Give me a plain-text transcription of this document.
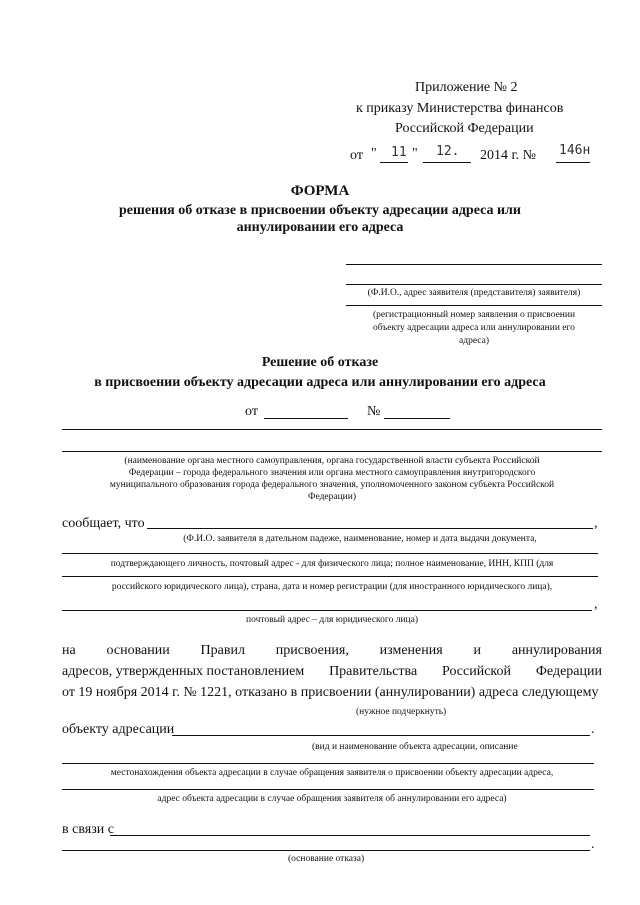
Приложение № 2
к приказу Министерства финансов
Российской Федерации
от " 11 " 12. 2014 г. № 146н
ФОРМА
решения об отказе в присвоении объекту адресации адреса или
аннулировании его адреса
(Ф.И.О., адрес заявителя (представителя) заявителя)
(регистрационный номер заявления о присвоении
объекту адресации адреса или аннулировании его
адреса)
Решение об отказе
в присвоении объекту адресации адреса или аннулировании его адреса
от	№
(наименование органа местного самоуправления, органа государственной власти субъекта Российской
Федерации – города федерального значения или органа местного самоуправления внутригородского
муниципального образования города федерального значения, уполномоченного законом субъекта Российской
Федерации)
сообщает, что	,
(Ф.И.О. заявителя в дательном падеже, наименование, номер и дата выдачи документа,
подтверждающего личность, почтовый адрес - для физического лица; полное наименование, ИНН, КПП (для
российского юридического лица), страна, дата и номер регистрации (для иностранного юридического лица),
,
почтовый адрес – для юридического лица)
на основании Правил присвоения, изменения и аннулирования
адресов, утвержденных постановлением Правительства Российской Федерации
от 19 ноября 2014 г. № 1221, отказано в присвоении (аннулировании) адреса следующему
(нужное подчеркнуть)
объекту адресации	.
(вид и наименование объекта адресации, описание
местонахождения объекта адресации в случае обращения заявителя о присвоении объекту адресации адреса,
адрес объекта адресации в случае обращения заявителя об аннулировании его адреса)
в связи с
.
(основание отказа)
